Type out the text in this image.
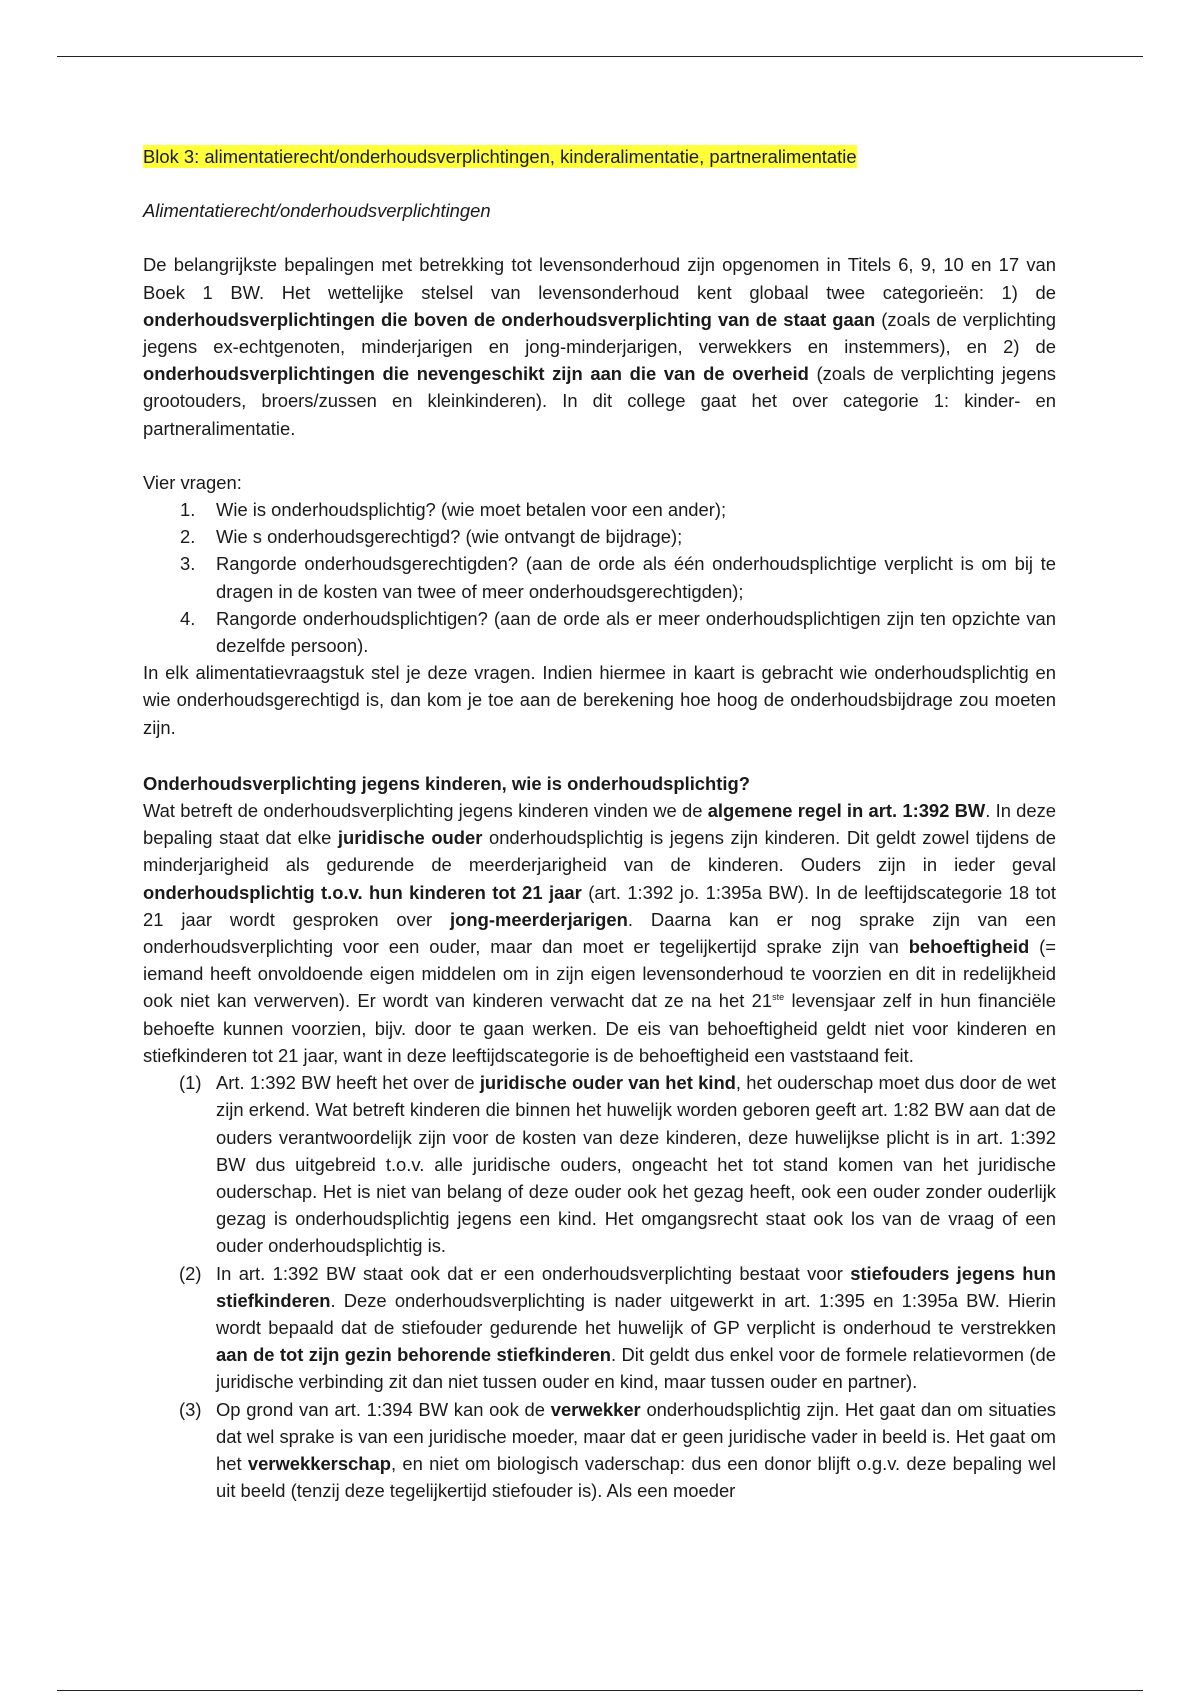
Blok 3: alimentatierecht/onderhoudsverplichtingen, kinderalimentatie, partneralimentatie

Alimentatierecht/onderhoudsverplichtingen

De belangrijkste bepalingen met betrekking tot levensonderhoud zijn opgenomen in Titels 6, 9, 10 en 17 van Boek 1 BW. Het wettelijke stelsel van levensonderhoud kent globaal twee categorieën: 1) de onderhoudsverplichtingen die boven de onderhoudsverplichting van de staat gaan (zoals de verplichting jegens ex-echtgenoten, minderjarigen en jong-minderjarigen, verwekkers en instemmers), en 2) de onderhoudsverplichtingen die nevengeschikt zijn aan die van de overheid (zoals de verplichting jegens grootouders, broers/zussen en kleinkinderen). In dit college gaat het over categorie 1: kinder- en partneralimentatie.

Vier vragen:

1. Wie is onderhoudsplichtig? (wie moet betalen voor een ander);
2. Wie s onderhoudsgerechtigd? (wie ontvangt de bijdrage);
3. Rangorde onderhoudsgerechtigden? (aan de orde als één onderhoudsplichtige verplicht is om bij te dragen in de kosten van twee of meer onderhoudsgerechtigden);
4. Rangorde onderhoudsplichtigen? (aan de orde als er meer onderhoudsplichtigen zijn ten opzichte van dezelfde persoon).

In elk alimentatievraagstuk stel je deze vragen. Indien hiermee in kaart is gebracht wie onderhoudsplichtig en wie onderhoudsgerechtigd is, dan kom je toe aan de berekening hoe hoog de onderhoudsbijdrage zou moeten zijn.

Onderhoudsverplichting jegens kinderen, wie is onderhoudsplichtig?

Wat betreft de onderhoudsverplichting jegens kinderen vinden we de algemene regel in art. 1:392 BW. In deze bepaling staat dat elke juridische ouder onderhoudsplichtig is jegens zijn kinderen. Dit geldt zowel tijdens de minderjarigheid als gedurende de meerderjarigheid van de kinderen. Ouders zijn in ieder geval onderhoudsplichtig t.o.v. hun kinderen tot 21 jaar (art. 1:392 jo. 1:395a BW). In de leeftijdscategorie 18 tot 21 jaar wordt gesproken over jong-meerderjarigen. Daarna kan er nog sprake zijn van een onderhoudsverplichting voor een ouder, maar dan moet er tegelijkertijd sprake zijn van behoeftigheid (= iemand heeft onvoldoende eigen middelen om in zijn eigen levensonderhoud te voorzien en dit in redelijkheid ook niet kan verwerven). Er wordt van kinderen verwacht dat ze na het 21ste levensjaar zelf in hun financiële behoefte kunnen voorzien, bijv. door te gaan werken. De eis van behoeftigheid geldt niet voor kinderen en stiefkinderen tot 21 jaar, want in deze leeftijdscategorie is de behoeftigheid een vaststaand feit.

(1) Art. 1:392 BW heeft het over de juridische ouder van het kind, het ouderschap moet dus door de wet zijn erkend. Wat betreft kinderen die binnen het huwelijk worden geboren geeft art. 1:82 BW aan dat de ouders verantwoordelijk zijn voor de kosten van deze kinderen, deze huwelijkse plicht is in art. 1:392 BW dus uitgebreid t.o.v. alle juridische ouders, ongeacht het tot stand komen van het juridische ouderschap. Het is niet van belang of deze ouder ook het gezag heeft, ook een ouder zonder ouderlijk gezag is onderhoudsplichtig jegens een kind. Het omgangsrecht staat ook los van de vraag of een ouder onderhoudsplichtig is.
(2) In art. 1:392 BW staat ook dat er een onderhoudsverplichting bestaat voor stiefouders jegens hun stiefkinderen. Deze onderhoudsverplichting is nader uitgewerkt in art. 1:395 en 1:395a BW. Hierin wordt bepaald dat de stiefouder gedurende het huwelijk of GP verplicht is onderhoud te verstrekken aan de tot zijn gezin behorende stiefkinderen. Dit geldt dus enkel voor de formele relatievormen (de juridische verbinding zit dan niet tussen ouder en kind, maar tussen ouder en partner).
(3) Op grond van art. 1:394 BW kan ook de verwekker onderhoudsplichtig zijn. Het gaat dan om situaties dat wel sprake is van een juridische moeder, maar dat er geen juridische vader in beeld is. Het gaat om het verwekkerschap, en niet om biologisch vaderschap: dus een donor blijft o.g.v. deze bepaling wel uit beeld (tenzij deze tegelijkertijd stiefouder is). Als een moeder
